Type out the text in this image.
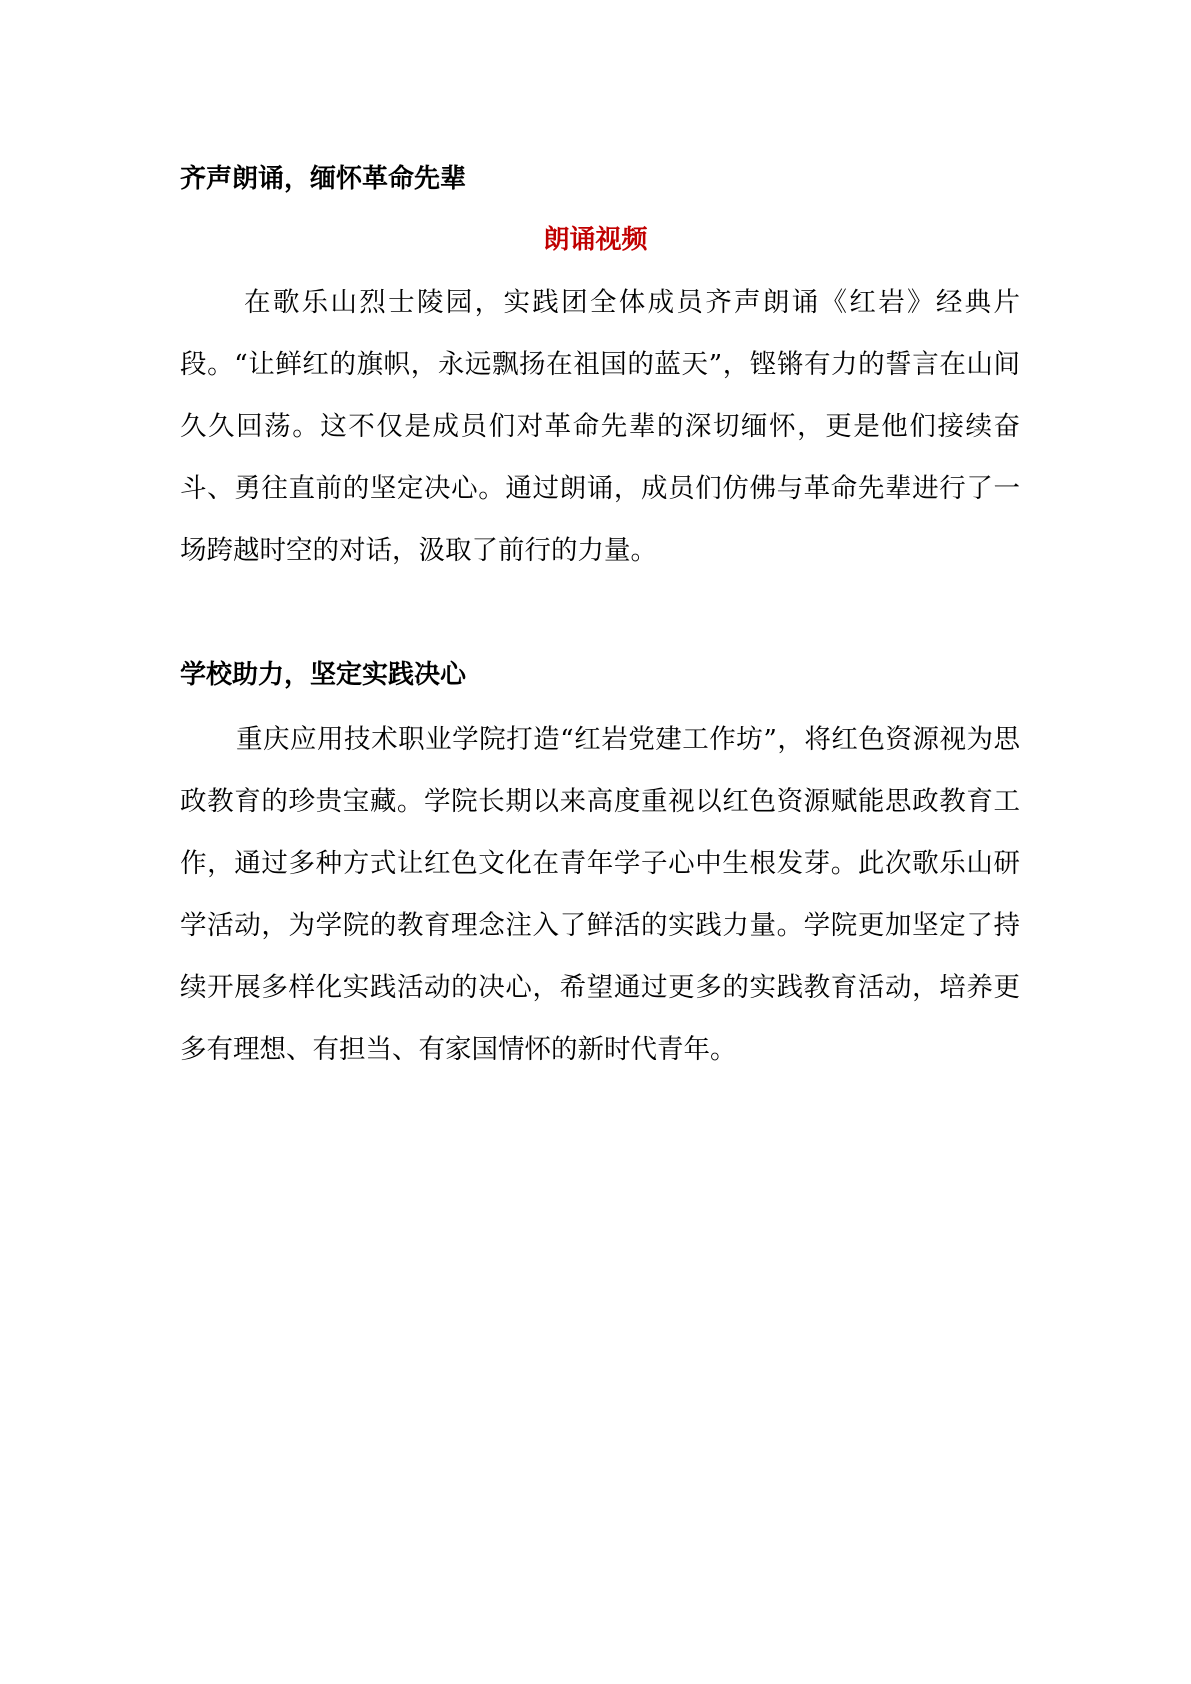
齐声朗诵，缅怀革命先辈
朗诵视频

在歌乐山烈士陵园，实践团全体成员齐声朗诵《红岩》经典片段。“让鲜红的旗帜，永远飘扬在祖国的蓝天”，铿锵有力的誓言在山间久久回荡。这不仅是成员们对革命先辈的深切缅怀，更是他们接续奋斗、勇往直前的坚定决心。通过朗诵，成员们仿佛与革命先辈进行了一场跨越时空的对话，汲取了前行的力量。

学校助力，坚定实践决心

重庆应用技术职业学院打造“红岩党建工作坊”，将红色资源视为思政教育的珍贵宝藏。学院长期以来高度重视以红色资源赋能思政教育工作，通过多种方式让红色文化在青年学子心中生根发芽。此次歌乐山研学活动，为学院的教育理念注入了鲜活的实践力量。学院更加坚定了持续开展多样化实践活动的决心，希望通过更多的实践教育活动，培养更多有理想、有担当、有家国情怀的新时代青年。
